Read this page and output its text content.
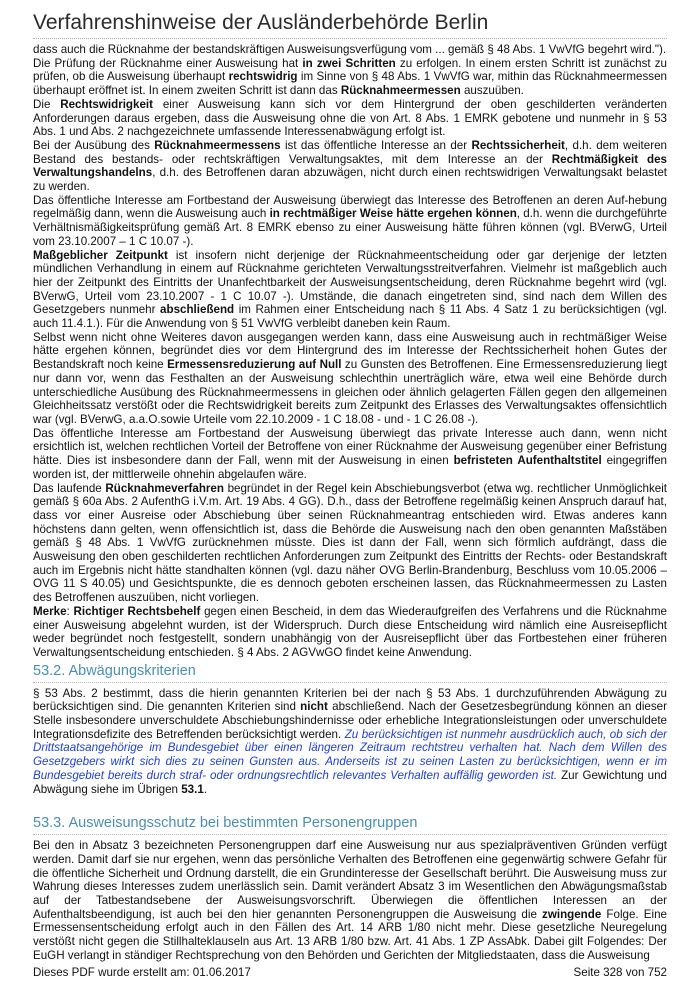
Verfahrenshinweise der Ausländerbehörde Berlin

dass auch die Rücknahme der bestandskräftigen Ausweisungsverfügung vom ... gemäß § 48 Abs. 1 VwVfG begehrt wird.").

Die Prüfung der Rücknahme einer Ausweisung hat in zwei Schritten zu erfolgen. In einem ersten Schritt ist zunächst zu prüfen, ob die Ausweisung überhaupt rechtswidrig im Sinne von § 48 Abs. 1 VwVfG war, mithin das Rücknahmeermessen überhaupt eröffnet ist. In einem zweiten Schritt ist dann das Rücknahmeermessen auszuüben.

Die Rechtswidrigkeit einer Ausweisung kann sich vor dem Hintergrund der oben geschilderten veränderten Anforderungen daraus ergeben, dass die Ausweisung ohne die von Art. 8 Abs. 1 EMRK gebotene und nunmehr in § 53 Abs. 1 und Abs. 2 nachgezeichnete umfassende Interessenabwägung erfolgt ist.

Bei der Ausübung des Rücknahmeermessens ist das öffentliche Interesse an der Rechtssicherheit, d.h. dem weiteren Bestand des bestands- oder rechtskräftigen Verwaltungsaktes, mit dem Interesse an der Rechtmäßigkeit des Verwaltungshandelns, d.h. des Betroffenen daran abzuwägen, nicht durch einen rechtswidrigen Verwaltungsakt belastet zu werden.

Das öffentliche Interesse am Fortbestand der Ausweisung überwiegt das Interesse des Betroffenen an deren Auf-hebung regelmäßig dann, wenn die Ausweisung auch in rechtmäßiger Weise hätte ergehen können, d.h. wenn die durchgeführte Verhältnismäßigkeitsprüfung gemäß Art. 8 EMRK ebenso zu einer Ausweisung hätte führen können (vgl. BVerwG, Urteil vom 23.10.2007 – 1 C 10.07 -).

Maßgeblicher Zeitpunkt ist insofern nicht derjenige der Rücknahmeentscheidung oder gar derjenige der letzten mündlichen Verhandlung in einem auf Rücknahme gerichteten Verwaltungsstreitverfahren. Vielmehr ist maßgeblich auch hier der Zeitpunkt des Eintritts der Unanfechtbarkeit der Ausweisungsentscheidung, deren Rücknahme begehrt wird (vgl. BVerwG, Urteil vom 23.10.2007 - 1 C 10.07 -). Umstände, die danach eingetreten sind, sind nach dem Willen des Gesetzgebers nunmehr abschließend im Rahmen einer Entscheidung nach § 11 Abs. 4 Satz 1 zu berücksichtigen (vgl. auch 11.4.1.). Für die Anwendung von § 51 VwVfG verbleibt daneben kein Raum.

Selbst wenn nicht ohne Weiteres davon ausgegangen werden kann, dass eine Ausweisung auch in rechtmäßiger Weise hätte ergehen können, begründet dies vor dem Hintergrund des im Interesse der Rechtssicherheit hohen Gutes der Bestandskraft noch keine Ermessensreduzierung auf Null zu Gunsten des Betroffenen. Eine Ermessensreduzierung liegt nur dann vor, wenn das Festhalten an der Ausweisung schlechthin unerträglich wäre, etwa weil eine Behörde durch unterschiedliche Ausübung des Rücknahmeermessens in gleichen oder ähnlich gelagerten Fällen gegen den allgemeinen Gleichheitssatz verstößt oder die Rechtswidrigkeit bereits zum Zeitpunkt des Erlasses des Verwaltungsaktes offensichtlich war (vgl. BVerwG, a.a.O.sowie Urteile vom 22.10.2009 - 1 C 18.08 - und - 1 C 26.08 -).

Das öffentliche Interesse am Fortbestand der Ausweisung überwiegt das private Interesse auch dann, wenn nicht ersichtlich ist, welchen rechtlichen Vorteil der Betroffene von einer Rücknahme der Ausweisung gegenüber einer Befristung hätte. Dies ist insbesondere dann der Fall, wenn mit der Ausweisung in einen befristeten Aufenthaltstitel eingegriffen worden ist, der mittlerweile ohnehin abgelaufen wäre.

Das laufende Rücknahmeverfahren begründet in der Regel kein Abschiebungsverbot (etwa wg. rechtlicher Unmöglichkeit gemäß § 60a Abs. 2 AufenthG i.V.m. Art. 19 Abs. 4 GG). D.h., dass der Betroffene regelmäßig keinen Anspruch darauf hat, dass vor einer Ausreise oder Abschiebung über seinen Rücknahmeantrag entschieden wird. Etwas anderes kann höchstens dann gelten, wenn offensichtlich ist, dass die Behörde die Ausweisung nach den oben genannten Maßstäben gemäß § 48 Abs. 1 VwVfG zurücknehmen müsste. Dies ist dann der Fall, wenn sich förmlich aufdrängt, dass die Ausweisung den oben geschilderten rechtlichen Anforderungen zum Zeitpunkt des Eintritts der Rechts- oder Bestandskraft auch im Ergebnis nicht hätte standhalten können (vgl. dazu näher OVG Berlin-Brandenburg, Beschluss vom 10.05.2006 – OVG 11 S 40.05) und Gesichtspunkte, die es dennoch geboten erscheinen lassen, das Rücknahmeermessen zu Lasten des Betroffenen auszuüben, nicht vorliegen.

Merke: Richtiger Rechtsbehelf gegen einen Bescheid, in dem das Wiederaufgreifen des Verfahrens und die Rücknahme einer Ausweisung abgelehnt wurden, ist der Widerspruch. Durch diese Entscheidung wird nämlich eine Ausreisepflicht weder begründet noch festgestellt, sondern unabhängig von der Ausreisepflicht über das Fortbestehen einer früheren Verwaltungsentscheidung entschieden. § 4 Abs. 2 AGVwGO findet keine Anwendung.

53.2. Abwägungskriterien

§ 53 Abs. 2 bestimmt, dass die hierin genannten Kriterien bei der nach § 53 Abs. 1 durchzuführenden Abwägung zu berücksichtigen sind. Die genannten Kriterien sind nicht abschließend. Nach der Gesetzesbegründung können an dieser Stelle insbesondere unverschuldete Abschiebungshindernisse oder erhebliche Integrationsleistungen oder unverschuldete Integrationsdefizite des Betreffenden berücksichtigt werden. Zu berücksichtigen ist nunmehr ausdrücklich auch, ob sich der Drittstaatsangehörige im Bundesgebiet über einen längeren Zeitraum rechtstreu verhalten hat. Nach dem Willen des Gesetzgebers wirkt sich dies zu seinen Gunsten aus. Anderseits ist zu seinen Lasten zu berücksichtigen, wenn er im Bundesgebiet bereits durch straf- oder ordnungsrechtlich relevantes Verhalten auffällig geworden ist. Zur Gewichtung und Abwägung siehe im Übrigen 53.1.

53.3. Ausweisungsschutz bei bestimmten Personengruppen

Bei den in Absatz 3 bezeichneten Personengruppen darf eine Ausweisung nur aus spezialpräventiven Gründen verfügt werden. Damit darf sie nur ergehen, wenn das persönliche Verhalten des Betroffenen eine gegenwärtig schwere Gefahr für die öffentliche Sicherheit und Ordnung darstellt, die ein Grundinteresse der Gesellschaft berührt. Die Ausweisung muss zur Wahrung dieses Interesses zudem unerlässlich sein. Damit verändert Absatz 3 im Wesentlichen den Abwägungsmaßstab auf der Tatbestandsebene der Ausweisungsvorschrift. Überwiegen die öffentlichen Interessen an der Aufenthaltsbeendigung, ist auch bei den hier genannten Personengruppen die Ausweisung die zwingende Folge. Eine Ermessensentscheidung erfolgt auch in den Fällen des Art. 14 ARB 1/80 nicht mehr. Diese gesetzliche Neuregelung verstößt nicht gegen die Stillhalteklauseln aus Art. 13 ARB 1/80 bzw. Art. 41 Abs. 1 ZP AssAbk. Dabei gilt Folgendes: Der EuGH verlangt in ständiger Rechtsprechung von den Behörden und Gerichten der Mitgliedstaaten, dass die Ausweisung

Dieses PDF wurde erstellt am: 01.06.2017	Seite 328 von 752
